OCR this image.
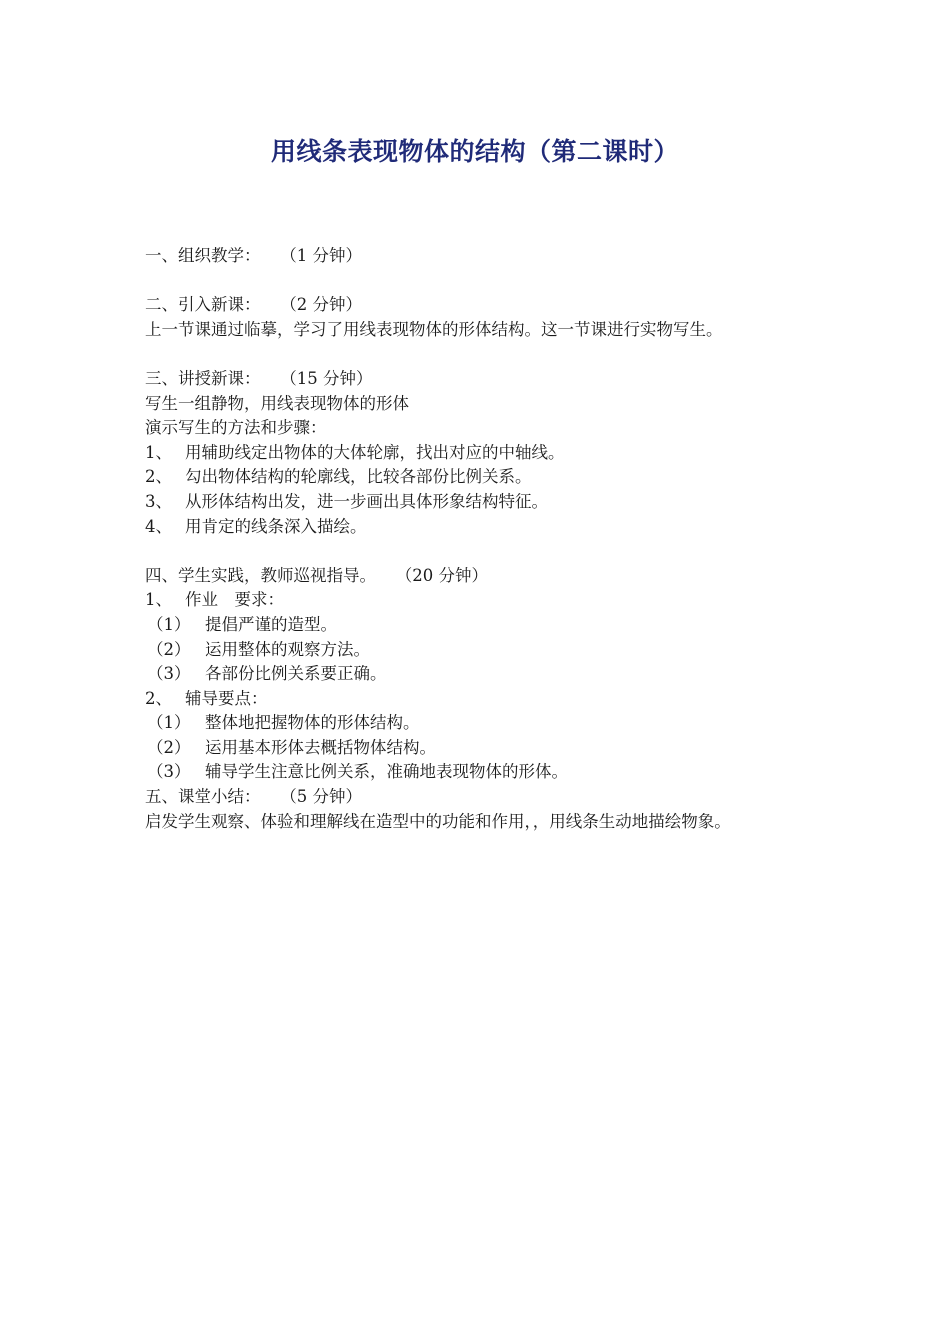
用线条表现物体的结构（第二课时）

一、组织教学： （1 分钟）

二、引入新课： （2 分钟）

上一节课通过临摹，学习了用线表现物体的形体结构。这一节课进行实物写生。

三、讲授新课： （15 分钟）

写生一组静物，用线表现物体的形体

演示写生的方法和步骤：

1、 用辅助线定出物体的大体轮廓，找出对应的中轴线。

2、 勾出物体结构的轮廓线，比较各部份比例关系。

3、 从形体结构出发，进一步画出具体形象结构特征。

4、 用肯定的线条深入描绘。

四、学生实践，教师巡视指导。 （20 分钟）

1、 作业　要求：

（1） 提倡严谨的造型。

（2） 运用整体的观察方法。

（3） 各部份比例关系要正确。

2、 辅导要点：

（1） 整体地把握物体的形体结构。

（2） 运用基本形体去概括物体结构。

（3） 辅导学生注意比例关系，准确地表现物体的形体。

五、课堂小结： （5 分钟）

启发学生观察、体验和理解线在造型中的功能和作用，，用线条生动地描绘物象。
